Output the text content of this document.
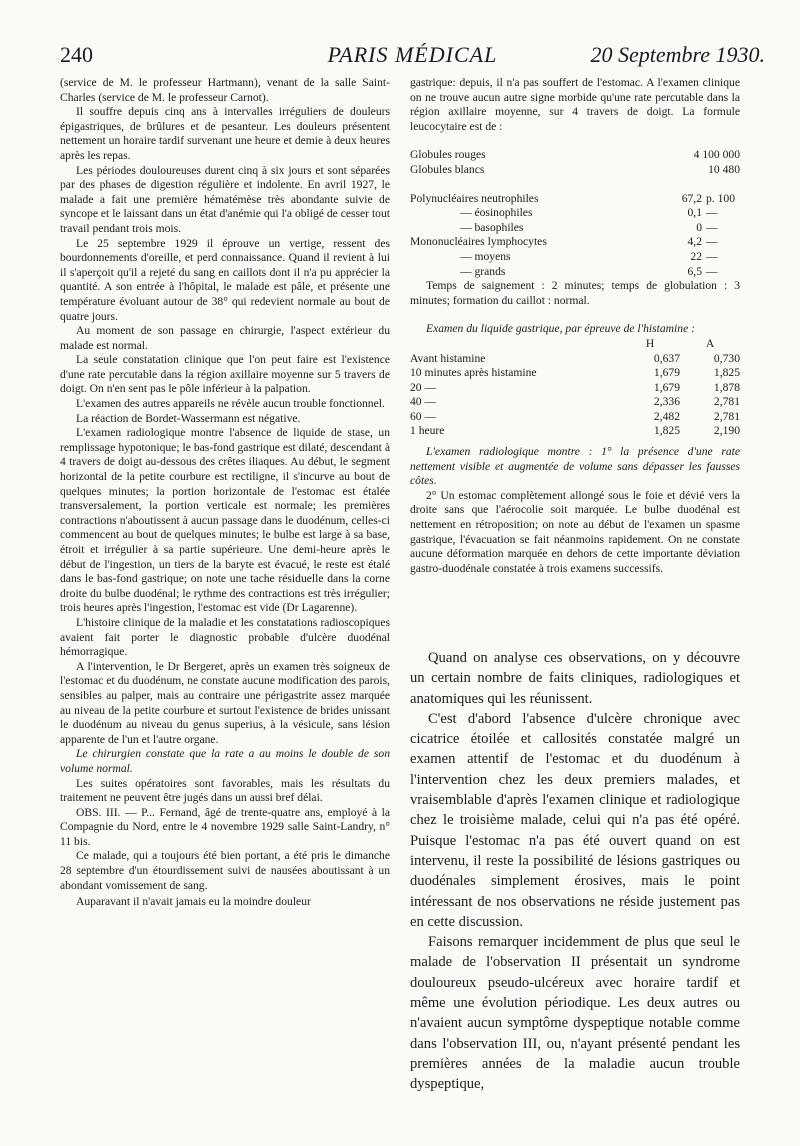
240	PARIS MÉDICAL	20 Septembre 1930.

(service de M. le professeur Hartmann), venant de la salle Saint-Charles (service de M. le professeur Carnot).

Il souffre depuis cinq ans à intervalles irréguliers de douleurs épigastriques, de brûlures et de pesanteur. Les douleurs présentent nettement un horaire tardif survenant une heure et demie à deux heures après les repas.

Les périodes douloureuses durent cinq à six jours et sont séparées par des phases de digestion régulière et indolente. En avril 1927, le malade a fait une première hématémèse très abondante suivie de syncope et le laissant dans un état d'anémie qui l'a obligé de cesser tout travail pendant trois mois.

Le 25 septembre 1929 il éprouve un vertige, ressent des bourdonnements d'oreille, et perd connaissance. Quand il revient à lui il s'aperçoit qu'il a rejeté du sang en caillots dont il n'a pu apprécier la quantité. A son entrée à l'hôpital, le malade est pâle, et présente une température évoluant autour de 38° qui redevient normale au bout de quatre jours.

Au moment de son passage en chirurgie, l'aspect extérieur du malade est normal.

La seule constatation clinique que l'on peut faire est l'existence d'une rate percutable dans la région axillaire moyenne sur 5 travers de doigt. On n'en sent pas le pôle inférieur à la palpation.

L'examen des autres appareils ne révèle aucun trouble fonctionnel.

La réaction de Bordet-Wassermann est négative.

L'examen radiologique montre l'absence de liquide de stase, un remplissage hypotonique; le bas-fond gastrique est dilaté, descendant à 4 travers de doigt au-dessous des crêtes iliaques. Au début, le segment horizontal de la petite courbure est rectiligne, il s'incurve au bout de quelques minutes; la portion horizontale de l'estomac est étalée transversalement, la portion verticale est normale; les premières contractions n'aboutissent à aucun passage dans le duodénum, celles-ci commencent au bout de quelques minutes; le bulbe est large à sa base, étroit et irrégulier à sa partie supérieure. Une demi-heure après le début de l'ingestion, un tiers de la baryte est évacué, le reste est étalé dans le bas-fond gastrique; on note une tache résiduelle dans la corne droite du bulbe duodénal; le rythme des contractions est très irrégulier; trois heures après l'ingestion, l'estomac est vide (Dr Lagarenne).

L'histoire clinique de la maladie et les constatations radioscopiques avaient fait porter le diagnostic probable d'ulcère duodénal hémorragique.

A l'intervention, le Dr Bergeret, après un examen très soigneux de l'estomac et du duodénum, ne constate aucune modification des parois, sensibles au palper, mais au contraire une périgastrite assez marquée au niveau de la petite courbure et surtout l'existence de brides unissant le duodénum au niveau du genus superius, à la vésicule, sans lésion apparente de l'un et l'autre organe.

Le chirurgien constate que la rate a au moins le double de son volume normal.

Les suites opératoires sont favorables, mais les résultats du traitement ne peuvent être jugés dans un aussi bref délai.

OBS. III. — P... Fernand, âgé de trente-quatre ans, employé à la Compagnie du Nord, entre le 4 novembre 1929 salle Saint-Landry, n° 11 bis.

Ce malade, qui a toujours été bien portant, a été pris le dimanche 28 septembre d'un étourdissement suivi de nausées aboutissant à un abondant vomissement de sang.

Auparavant il n'avait jamais eu la moindre douleur

gastrique: depuis, il n'a pas souffert de l'estomac. A l'examen clinique on ne trouve aucun autre signe morbide qu'une rate percutable dans la région axillaire moyenne, sur 4 travers de doigt. La formule leucocytaire est de :

Globules rouges	4 100 000
Globules blancs	10 480
Polynucléaires neutrophiles	67,2	p. 100
— éosinophiles	0,1	—
— basophiles	0	—
Mononucléaires lymphocytes	4,2	—
— moyens	22	—
— grands	6,5	—

Temps de saignement : 2 minutes; temps de globulation : 3 minutes; formation du caillot : normal.

Examen du liquide gastrique, par épreuve de l'histamine :

	H	A
Avant histamine	0,637	0,730
10 minutes après histamine	1,679	1,825
20 —	1,679	1,878
40 —	2,336	2,781
60 —	2,482	2,781
1 heure	1,825	2,190

L'examen radiologique montre : 1° la présence d'une rate nettement visible et augmentée de volume sans dépasser les fausses côtes.

2° Un estomac complètement allongé sous le foie et dévié vers la droite sans que l'aérocolie soit marquée. Le bulbe duodénal est nettement en rétroposition; on note au début de l'examen un spasme gastrique, l'évacuation se fait néanmoins rapidement. On ne constate aucune déformation marquée en dehors de cette importante déviation gastro-duodénale constatée à trois examens successifs.

Quand on analyse ces observations, on y découvre un certain nombre de faits cliniques, radiologiques et anatomiques qui les réunissent.

C'est d'abord l'absence d'ulcère chronique avec cicatrice étoilée et callosités constatée malgré un examen attentif de l'estomac et du duodénum à l'intervention chez les deux premiers malades, et vraisemblable d'après l'examen clinique et radiologique chez le troisième malade, celui qui n'a pas été opéré. Puisque l'estomac n'a pas été ouvert quand on est intervenu, il reste la possibilité de lésions gastriques ou duodénales simplement érosives, mais le point intéressant de nos observations ne réside justement pas en cette discussion.

Faisons remarquer incidemment de plus que seul le malade de l'observation II présentait un syndrome douloureux pseudo-ulcéreux avec horaire tardif et même une évolution périodique. Les deux autres ou n'avaient aucun symptôme dyspeptique notable comme dans l'observation III, ou, n'ayant présenté pendant les premières années de la maladie aucun trouble dyspeptique,
